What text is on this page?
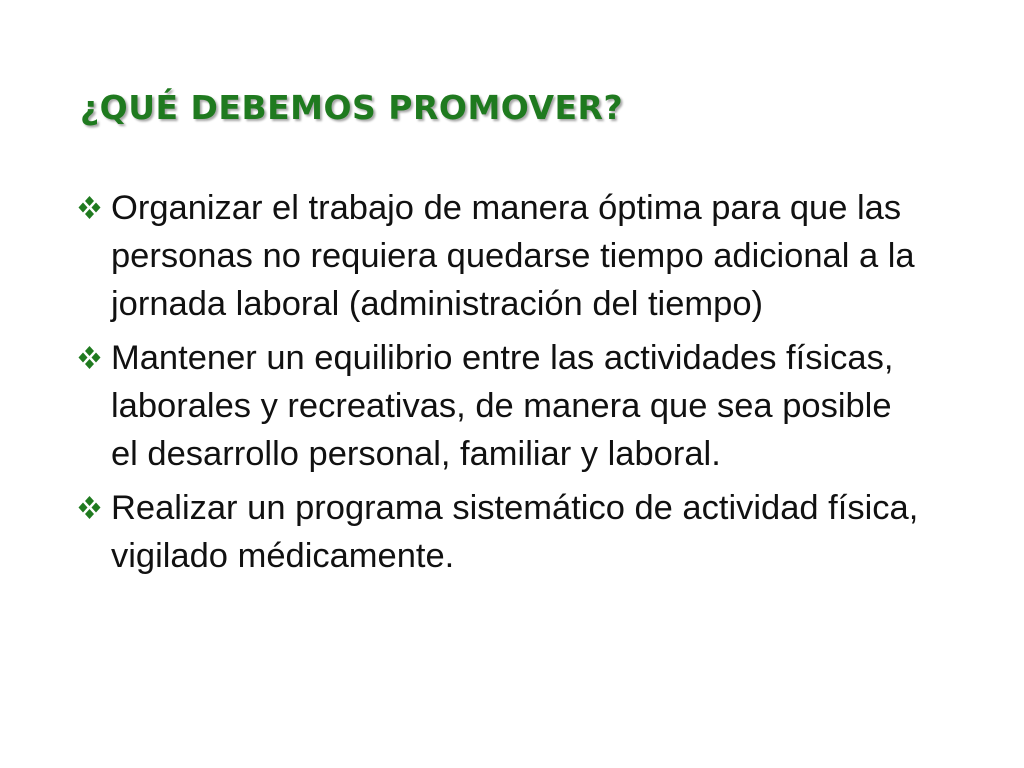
¿QUÉ DEBEMOS PROMOVER?
Organizar el trabajo de manera óptima para que las personas no requiera quedarse tiempo adicional a la jornada laboral (administración del tiempo)
Mantener un equilibrio entre las actividades físicas, laborales y recreativas, de manera que sea posible el desarrollo personal, familiar y laboral.
Realizar un programa sistemático de actividad física, vigilado médicamente.
